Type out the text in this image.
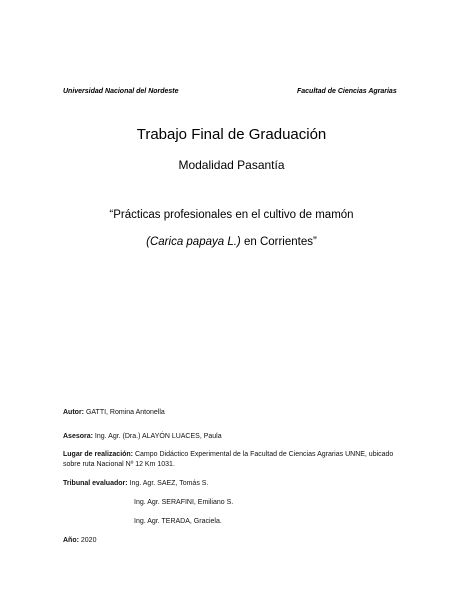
Universidad Nacional del Nordeste	Facultad de Ciencias Agrarias
Trabajo Final de Graduación
Modalidad Pasantía
“Prácticas profesionales en el cultivo de mamón
(Carica papaya L.) en Corrientes”
Autor: GATTI, Romina Antonella
Asesora: Ing. Agr. (Dra.) ALAYÓN LUACES, Paula
Lugar de realización: Campo Didáctico Experimental de la Facultad de Ciencias Agrarias UNNE, ubicado sobre ruta Nacional Nº 12 Km 1031.
Tribunal evaluador: Ing. Agr. SAEZ, Tomás S.
Ing. Agr. SERAFINI, Emiliano S.
Ing. Agr. TERADA, Graciela.
Año: 2020
